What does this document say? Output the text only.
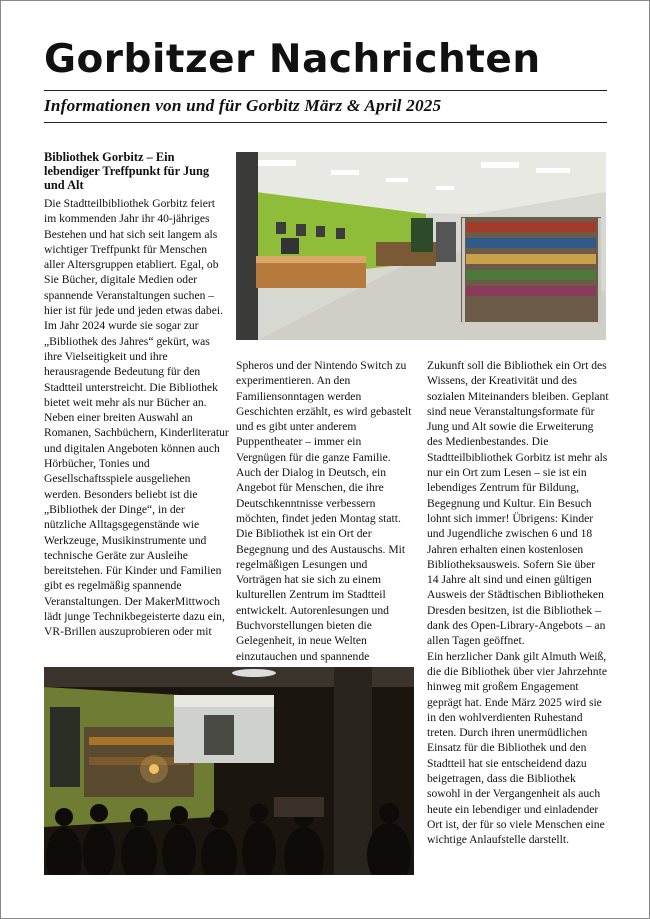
Gorbitzer Nachrichten
Informationen von und für Gorbitz März & April 2025
Bibliothek Gorbitz – Ein lebendiger Treffpunkt für Jung und Alt

Die Stadtteilbibliothek Gorbitz feiert im kommenden Jahr ihr 40-jähriges Bestehen und hat sich seit langem als wichtiger Treffpunkt für Menschen aller Altersgruppen etabliert. Egal, ob Sie Bücher, digitale Medien oder spannende Veranstaltungen suchen – hier ist für jede und jeden etwas dabei. Im Jahr 2024 wurde sie sogar zur „Bibliothek des Jahres“ gekürt, was ihre Vielseitigkeit und ihre herausragende Bedeutung für den Stadtteil unterstreicht. Die Bibliothek bietet weit mehr als nur Bücher an. Neben einer breiten Auswahl an Romanen, Sachbüchern, Kinderliteratur und digitalen Angeboten können auch Hörbücher, Tonies und Gesellschaftsspiele ausgeliehen werden. Besonders beliebt ist die „Bibliothek der Dinge“, in der nützliche Alltagsgegenstände wie Werkzeuge, Musikinstrumente und technische Geräte zur Ausleihe bereitstehen. Für Kinder und Familien gibt es regelmäßig spannende Veranstaltungen. Der MakerMittwoch lädt junge Technikbegeisterte dazu ein, VR-Brillen auszuprobieren oder mit

Spheros und der Nintendo Switch zu experimentieren. An den Familiensonntagen werden Geschichten erzählt, es wird gebastelt und es gibt unter anderem Puppentheater – immer ein Vergnügen für die ganze Familie. Auch der Dialog in Deutsch, ein Angebot für Menschen, die ihre Deutschkenntnisse verbessern möchten, findet jeden Montag statt. Die Bibliothek ist ein Ort der Begegnung und des Austauschs. Mit regelmäßigen Lesungen und Vorträgen hat sie sich zu einem kulturellen Zentrum im Stadtteil entwickelt. Autorenlesungen und Buchvorstellungen bieten die Gelegenheit, in neue Welten einzutauchen und spannende

Zukunft soll die Bibliothek ein Ort des Wissens, der Kreativität und des sozialen Miteinanders bleiben. Geplant sind neue Veranstaltungsformate für Jung und Alt sowie die Erweiterung des Medienbestandes. Die Stadtteilbibliothek Gorbitz ist mehr als nur ein Ort zum Lesen – sie ist ein lebendiges Zentrum für Bildung, Begegnung und Kultur. Ein Besuch lohnt sich immer! Übrigens: Kinder und Jugendliche zwischen 6 und 18 Jahren erhalten einen kostenlosen Bibliotheksausweis. Sofern Sie über 14 Jahre alt sind und einen gültigen Ausweis der Städtischen Bibliotheken Dresden besitzen, ist die Bibliothek – dank des Open-Library-Angebots – an allen Tagen geöffnet.
Ein herzlicher Dank gilt Almuth Weiß, die die Bibliothek über vier Jahrzehnte hinweg mit großem Engagement geprägt hat. Ende März 2025 wird sie in den wohlverdienten Ruhestand treten. Durch ihren unermüdlichen Einsatz für die Bibliothek und den Stadtteil hat sie entscheidend dazu beigetragen, dass die Bibliothek sowohl in der Vergangenheit als auch heute ein lebendiger und einladender Ort ist, der für so viele Menschen eine wichtige Anlaufstelle darstellt.
